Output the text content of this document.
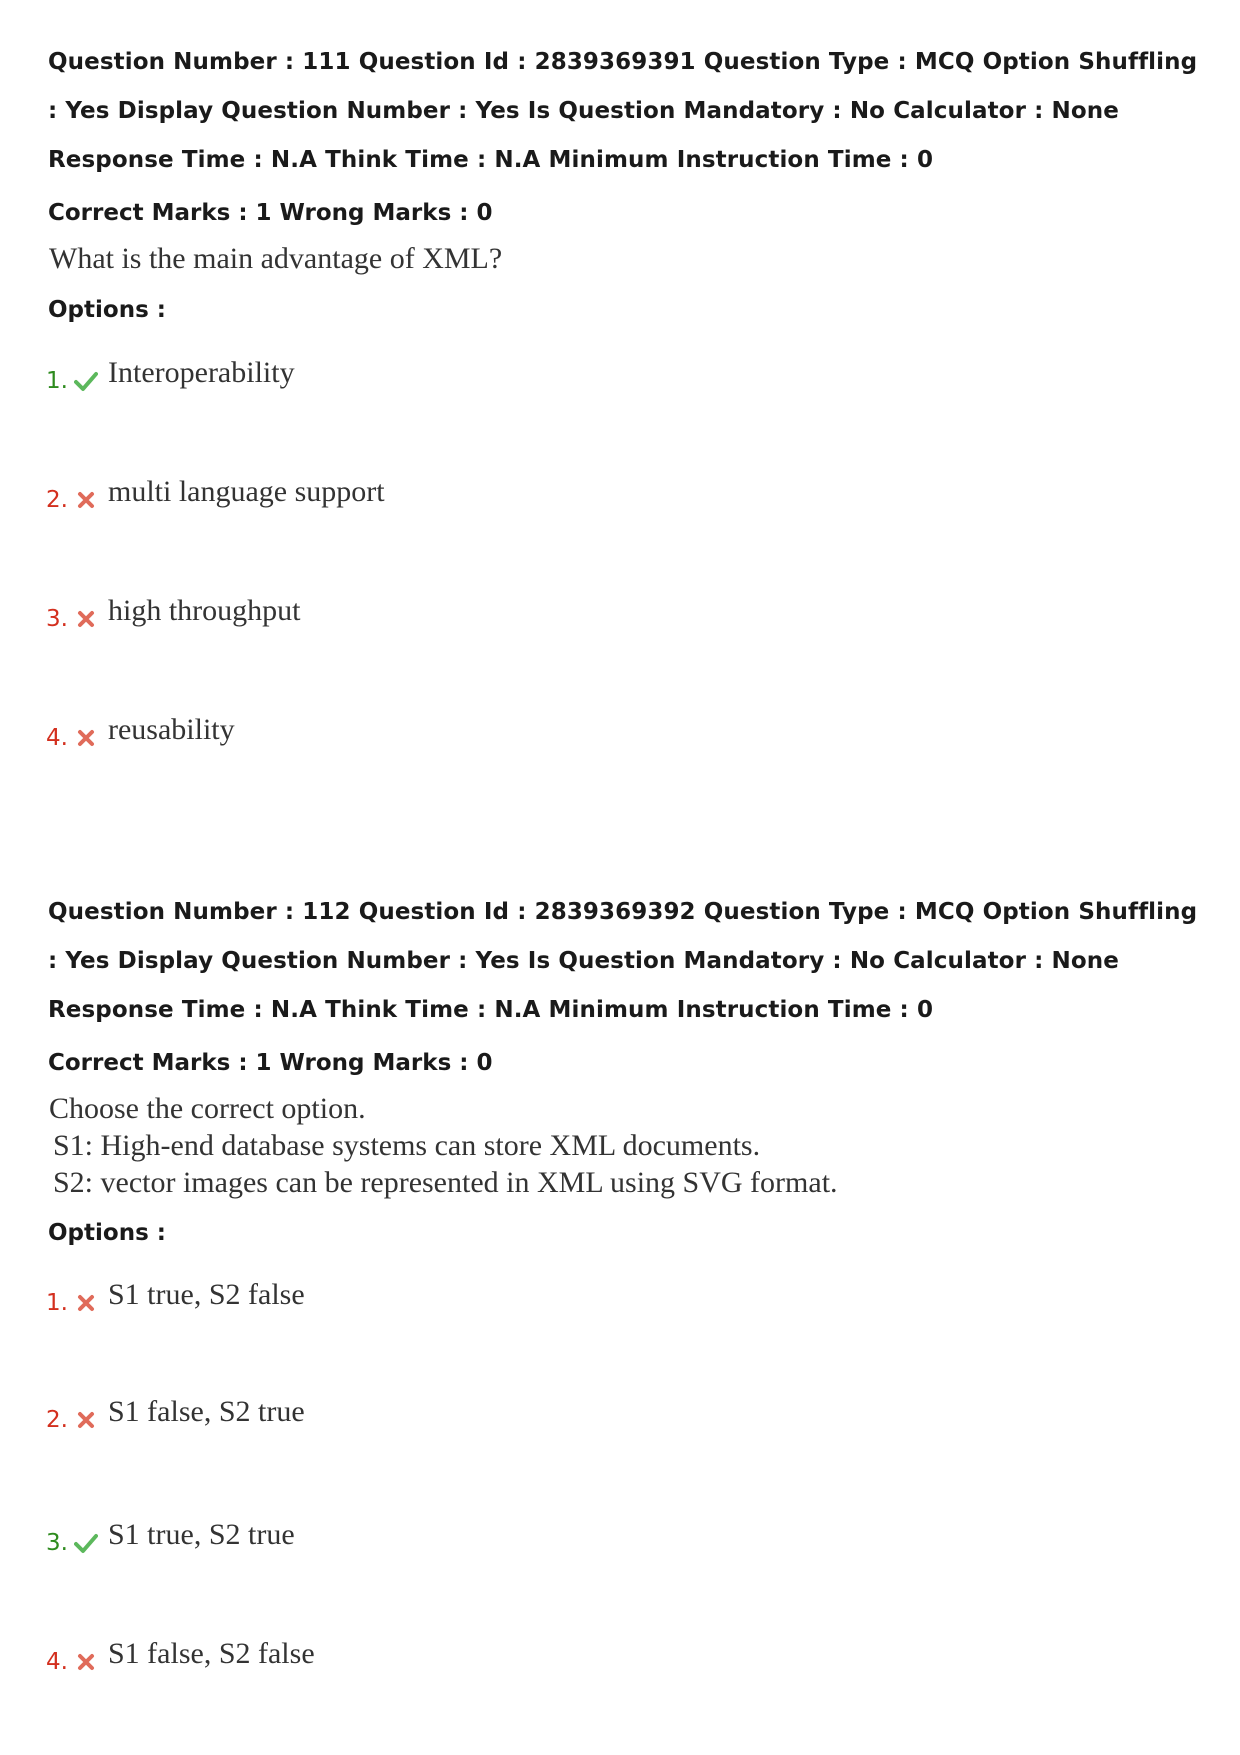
Question Number : 111 Question Id : 2839369391 Question Type : MCQ Option Shuffling : Yes Display Question Number : Yes Is Question Mandatory : No Calculator : None Response Time : N.A Think Time : N.A Minimum Instruction Time : 0
Correct Marks : 1 Wrong Marks : 0
What is the main advantage of XML?
Options :
1. Interoperability
2. multi language support
3. high throughput
4. reusability
Question Number : 112 Question Id : 2839369392 Question Type : MCQ Option Shuffling : Yes Display Question Number : Yes Is Question Mandatory : No Calculator : None Response Time : N.A Think Time : N.A Minimum Instruction Time : 0
Correct Marks : 1 Wrong Marks : 0
Choose the correct option.
S1: High-end database systems can store XML documents.
S2: vector images can be represented in XML using SVG format.
Options :
1. S1 true, S2 false
2. S1 false, S2 true
3. S1 true, S2 true
4. S1 false, S2 false
